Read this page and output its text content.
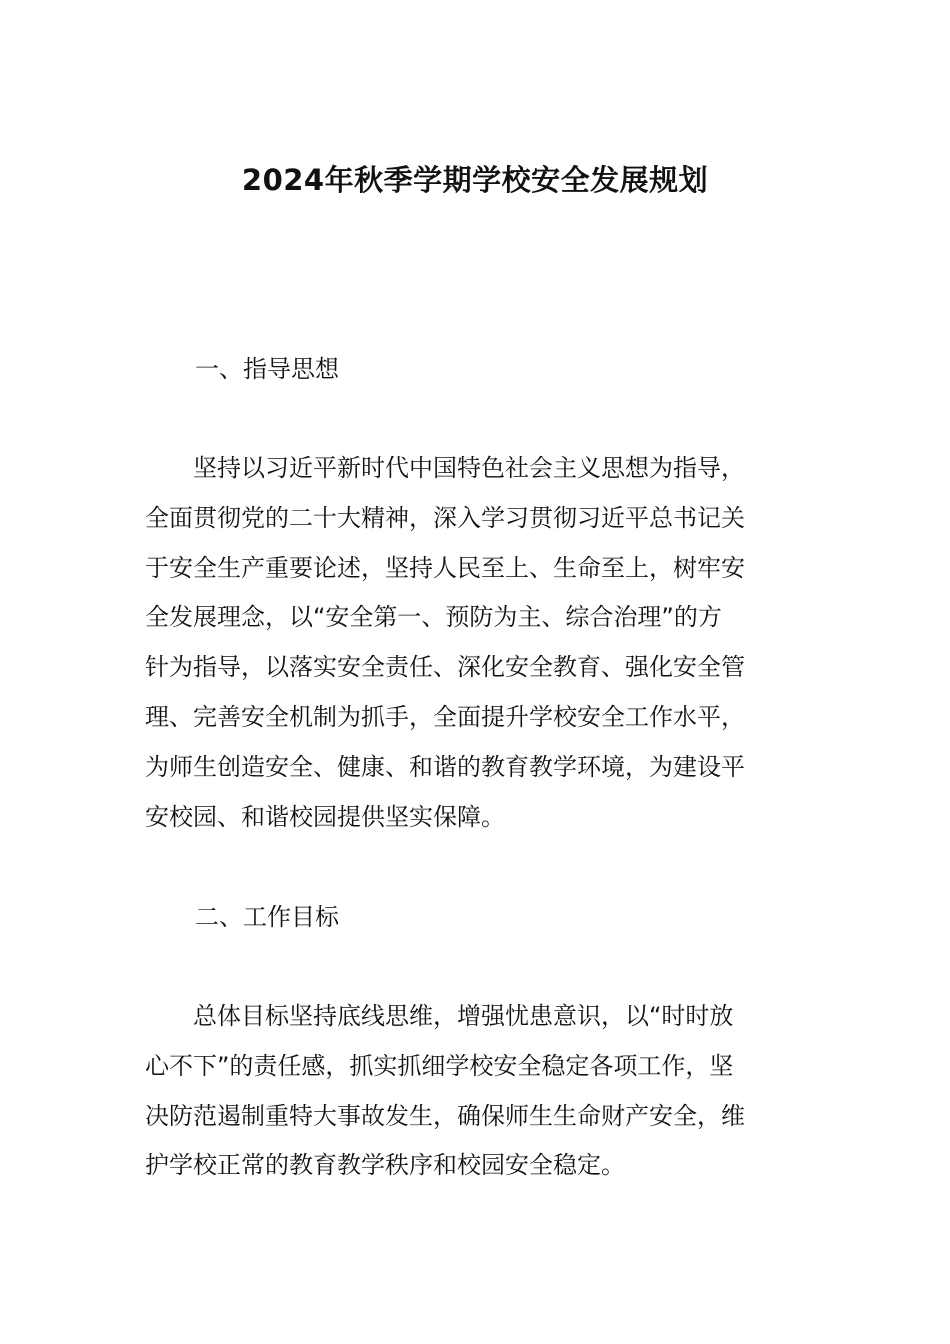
2024年秋季学期学校安全发展规划
一、指导思想

　　坚持以习近平新时代中国特色社会主义思想为指导，
全面贯彻党的二十大精神，深入学习贯彻习近平总书记关
于安全生产重要论述，坚持人民至上、生命至上，树牢安
全发展理念，以“安全第一、预防为主、综合治理”的方
针为指导，以落实安全责任、深化安全教育、强化安全管
理、完善安全机制为抓手，全面提升学校安全工作水平，
为师生创造安全、健康、和谐的教育教学环境，为建设平
安校园、和谐校园提供坚实保障。

二、工作目标

　　总体目标坚持底线思维，增强忧患意识，以“时时放
心不下”的责任感，抓实抓细学校安全稳定各项工作，坚
决防范遏制重特大事故发生，确保师生生命财产安全，维
护学校正常的教育教学秩序和校园安全稳定。
